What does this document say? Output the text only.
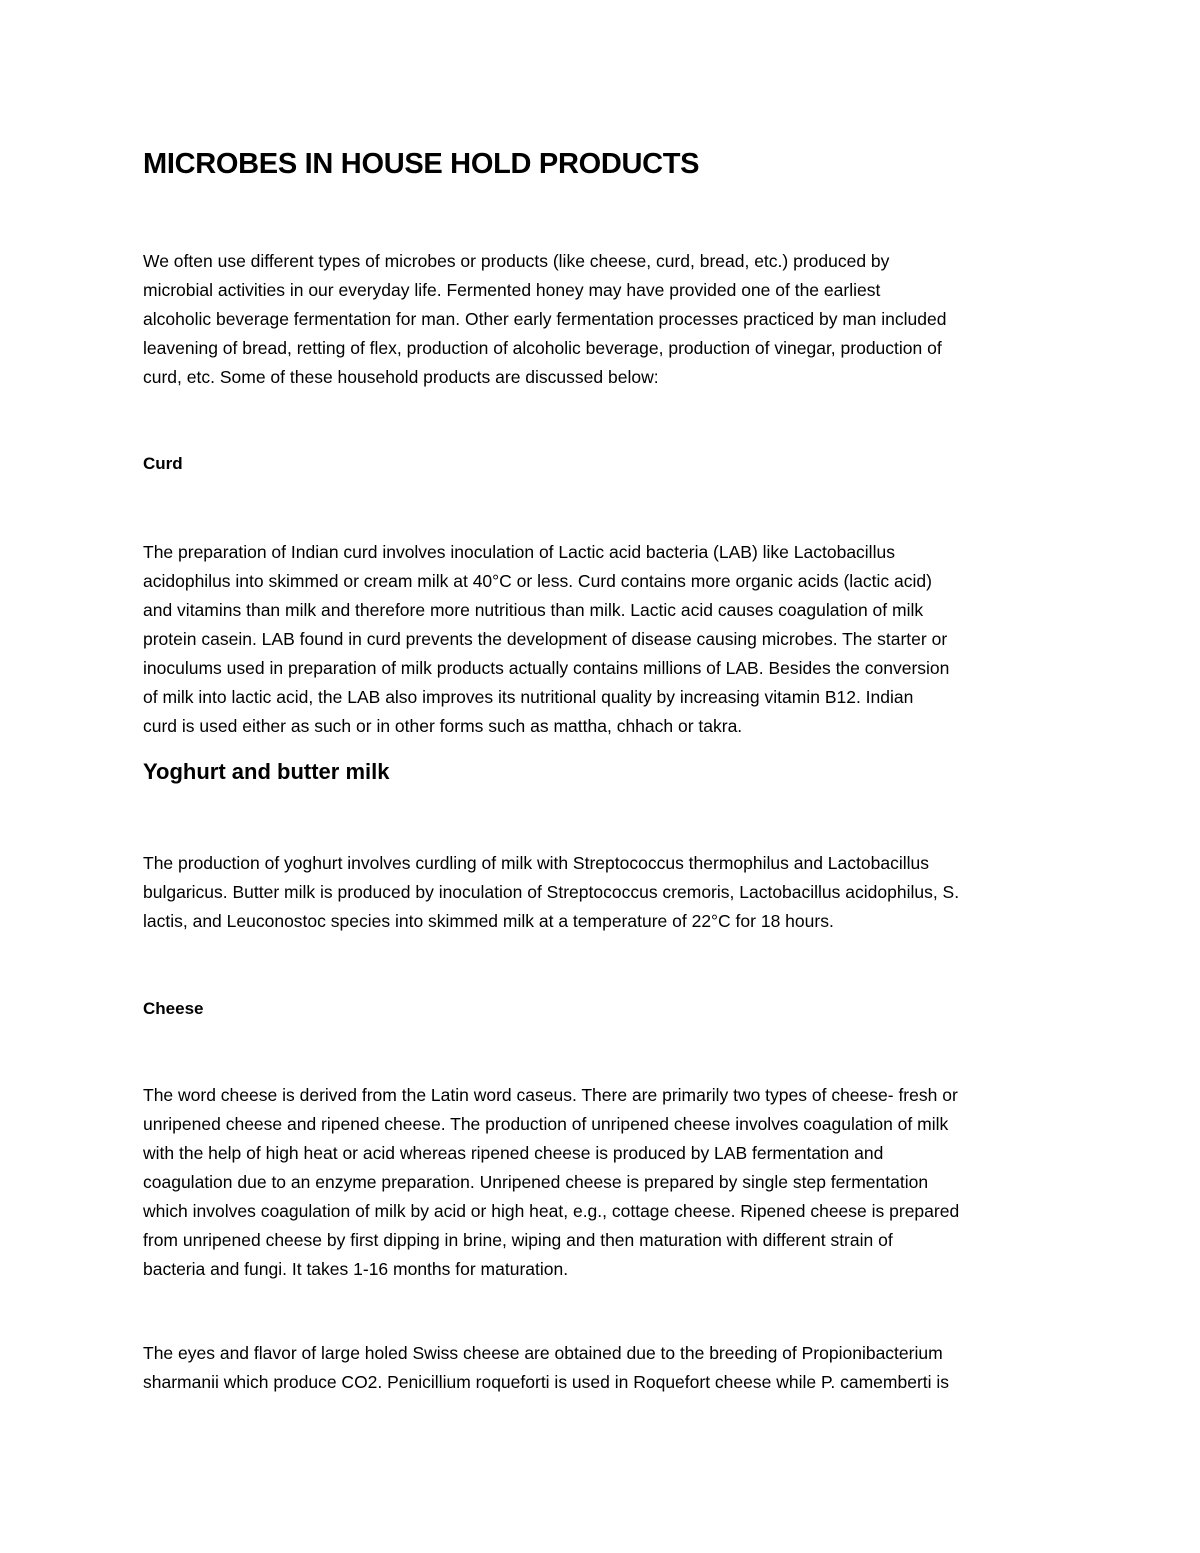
MICROBES IN HOUSE HOLD PRODUCTS

We often use different types of microbes or products (like cheese, curd, bread, etc.) produced by
microbial activities in our everyday life. Fermented honey may have provided one of the earliest
alcoholic beverage fermentation for man. Other early fermentation processes practiced by man included
leavening of bread, retting of flex, production of alcoholic beverage, production of vinegar, production of
curd, etc. Some of these household products are discussed below:

Curd

The preparation of Indian curd involves inoculation of Lactic acid bacteria (LAB) like Lactobacillus
acidophilus into skimmed or cream milk at 40°C or less. Curd contains more organic acids (lactic acid)
and vitamins than milk and therefore more nutritious than milk. Lactic acid causes coagulation of milk
protein casein. LAB found in curd prevents the development of disease causing microbes. The starter or
inoculums used in preparation of milk products actually contains millions of LAB. Besides the conversion
of milk into lactic acid, the LAB also improves its nutritional quality by increasing vitamin B12. Indian
curd is used either as such or in other forms such as mattha, chhach or takra.

Yoghurt and butter milk

The production of yoghurt involves curdling of milk with Streptococcus thermophilus and Lactobacillus
bulgaricus. Butter milk is produced by inoculation of Streptococcus cremoris, Lactobacillus acidophilus, S.
lactis, and Leuconostoc species into skimmed milk at a temperature of 22°C for 18 hours.

Cheese

The word cheese is derived from the Latin word caseus. There are primarily two types of cheese- fresh or
unripened cheese and ripened cheese. The production of unripened cheese involves coagulation of milk
with the help of high heat or acid whereas ripened cheese is produced by LAB fermentation and
coagulation due to an enzyme preparation. Unripened cheese is prepared by single step fermentation
which involves coagulation of milk by acid or high heat, e.g., cottage cheese. Ripened cheese is prepared
from unripened cheese by first dipping in brine, wiping and then maturation with different strain of
bacteria and fungi. It takes 1-16 months for maturation.

The eyes and flavor of large holed Swiss cheese are obtained due to the breeding of Propionibacterium
sharmanii which produce CO2. Penicillium roqueforti is used in Roquefort cheese while P. camemberti is
